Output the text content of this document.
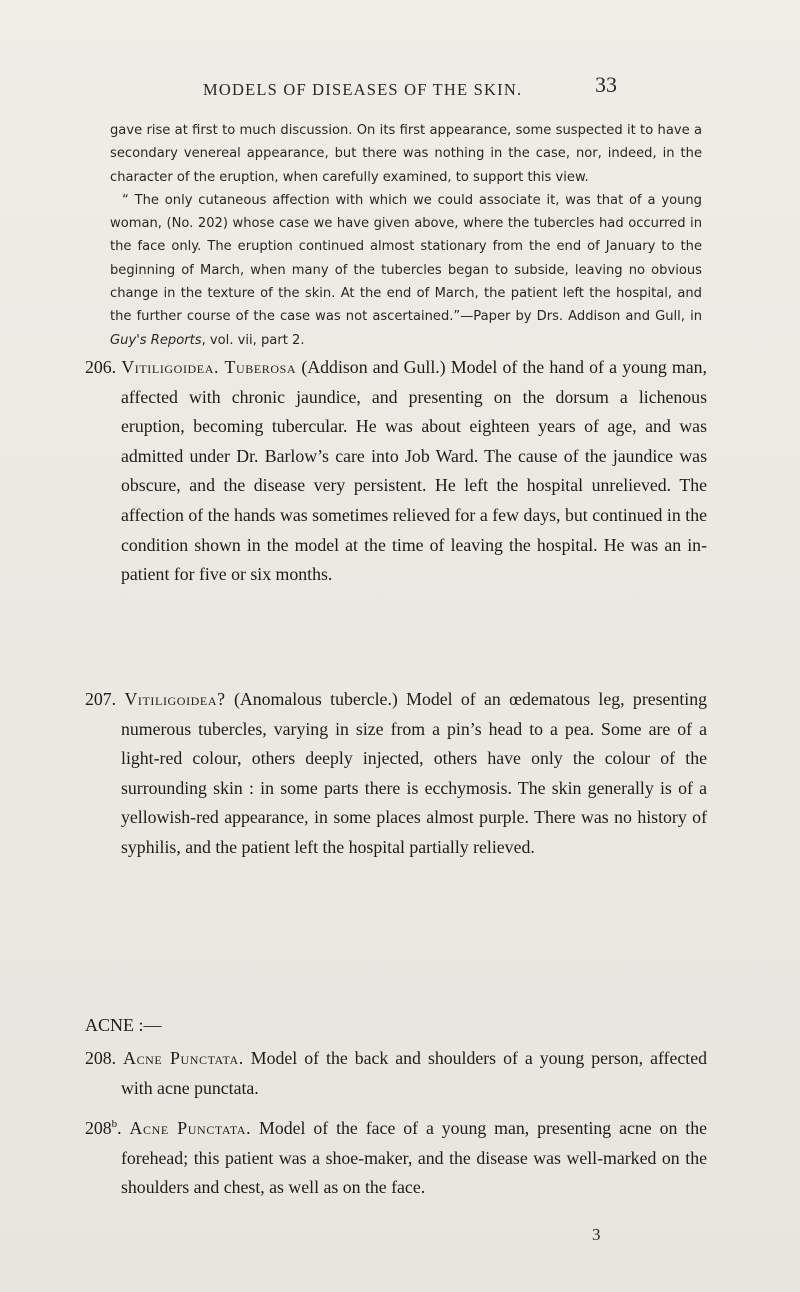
MODELS OF DISEASES OF THE SKIN.	33

gave rise at first to much discussion. On its first appearance, some suspected it to have a secondary venereal appearance, but there was nothing in the case, nor, indeed, in the character of the eruption, when carefully examined, to support this view.

“ The only cutaneous affection with which we could associate it, was that of a young woman, (No. 202) whose case we have given above, where the tubercles had occurred in the face only. The eruption continued almost stationary from the end of January to the beginning of March, when many of the tubercles began to subside, leaving no obvious change in the texture of the skin. At the end of March, the patient left the hospital, and the further course of the case was not ascertained.”—Paper by Drs. Addison and Gull, in Guy's Reports, vol. vii, part 2.

206. Vitiligoidea. Tuberosa (Addison and Gull.) Model of the hand of a young man, affected with chronic jaundice, and presenting on the dorsum a lichenous eruption, becoming tubercular. He was about eighteen years of age, and was admitted under Dr. Barlow’s care into Job Ward. The cause of the jaundice was obscure, and the disease very persistent. He left the hospital unrelieved. The affection of the hands was sometimes relieved for a few days, but continued in the condition shown in the model at the time of leaving the hospital. He was an in-patient for five or six months.
207. Vitiligoidea? (Anomalous tubercle.) Model of an œdematous leg, presenting numerous tubercles, varying in size from a pin’s head to a pea. Some are of a light-red colour, others deeply injected, others have only the colour of the surrounding skin : in some parts there is ecchymosis. The skin generally is of a yellowish-red appearance, in some places almost purple. There was no history of syphilis, and the patient left the hospital partially relieved.
ACNE :—
208. Acne Punctata. Model of the back and shoulders of a young person, affected with acne punctata.
208$^b$. Acne Punctata. Model of the face of a young man, presenting acne on the forehead; this patient was a shoe-maker, and the disease was well-marked on the shoulders and chest, as well as on the face.
3
